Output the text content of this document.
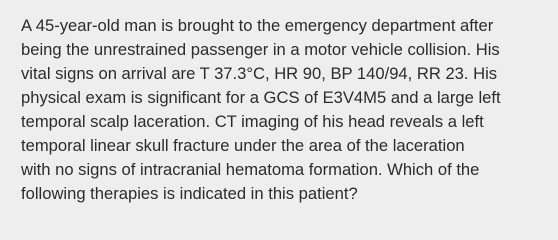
A 45-year-old man is brought to the emergency department after
being the unrestrained passenger in a motor vehicle collision. His
vital signs on arrival are T 37.3°C, HR 90, BP 140/94, RR 23. His
physical exam is significant for a GCS of E3V4M5 and a large left
temporal scalp laceration. CT imaging of his head reveals a left
temporal linear skull fracture under the area of the laceration
with no signs of intracranial hematoma formation. Which of the
following therapies is indicated in this patient?
